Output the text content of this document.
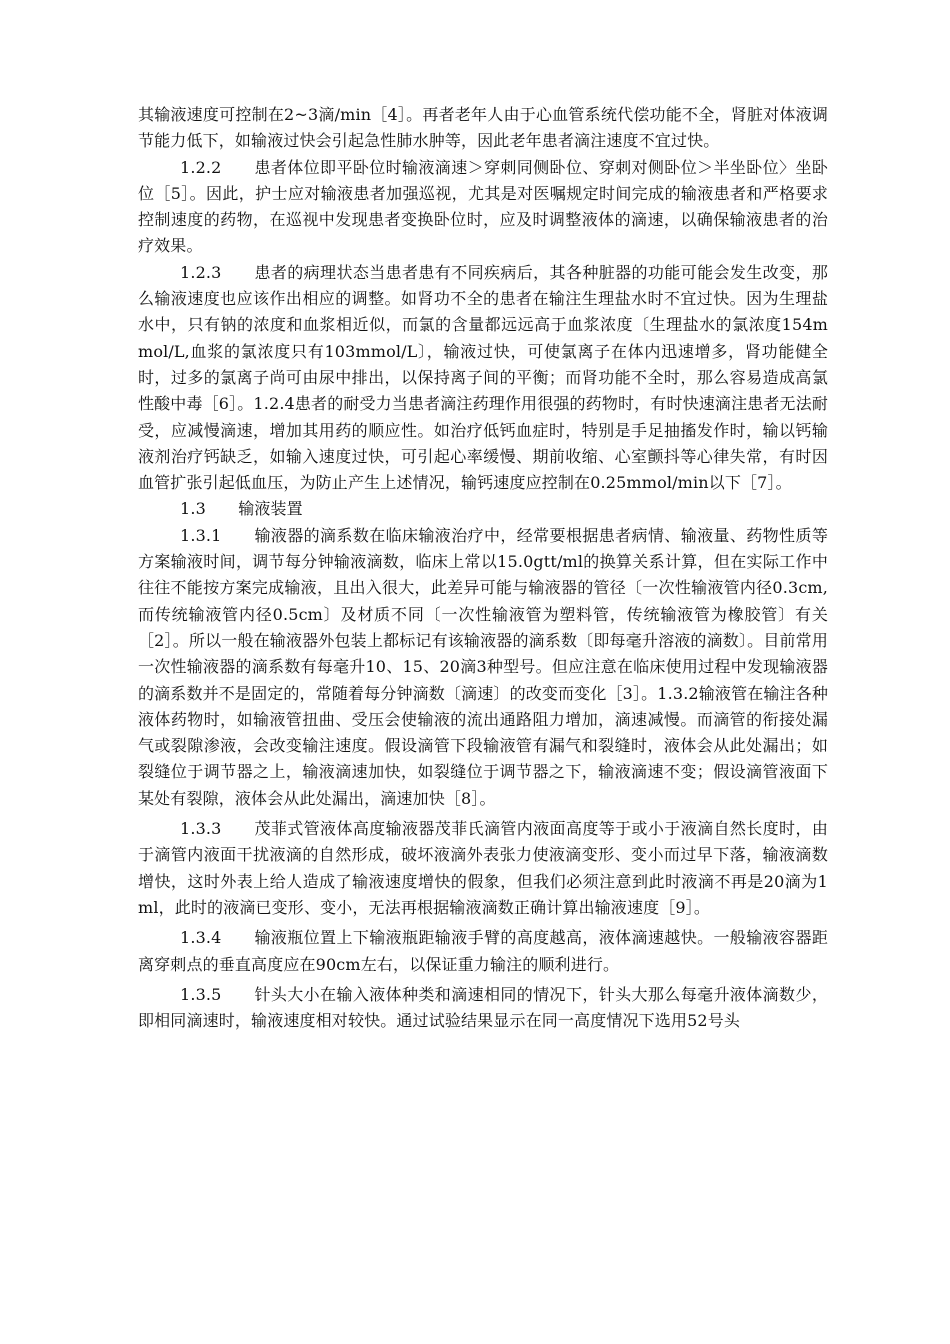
其输液速度可控制在2~3滴/min［4］。再者老年人由于心血管系统代偿功能不全，肾脏对体液调节能力低下，如输液过快会引起急性肺水肿等，因此老年患者滴注速度不宜过快。

1.2.2　　患者体位即平卧位时输液滴速＞穿刺同侧卧位、穿刺对侧卧位＞半坐卧位〉坐卧位［5］。因此，护士应对输液患者加强巡视，尤其是对医嘱规定时间完成的输液患者和严格要求控制速度的药物，在巡视中发现患者变换卧位时，应及时调整液体的滴速，以确保输液患者的治疗效果。

1.2.3　　患者的病理状态当患者患有不同疾病后，其各种脏器的功能可能会发生改变，那么输液速度也应该作出相应的调整。如肾功不全的患者在输注生理盐水时不宜过快。因为生理盐水中，只有钠的浓度和血浆相近似，而氯的含量都远远高于血浆浓度〔生理盐水的氯浓度154mmol/L,血浆的氯浓度只有103mmol/L〕，输液过快，可使氯离子在体内迅速增多，肾功能健全时，过多的氯离子尚可由尿中排出，以保持离子间的平衡；而肾功能不全时，那么容易造成高氯性酸中毒［6］。1.2.4患者的耐受力当患者滴注药理作用很强的药物时，有时快速滴注患者无法耐受，应减慢滴速，增加其用药的顺应性。如治疗低钙血症时，特别是手足抽搐发作时，输以钙输液剂治疗钙缺乏，如输入速度过快，可引起心率缓慢、期前收缩、心室颤抖等心律失常，有时因血管扩张引起低血压，为防止产生上述情况，输钙速度应控制在0.25mmol/min以下［7］。

1.3　　输液装置

1.3.1　　输液器的滴系数在临床输液治疗中，经常要根据患者病情、输液量、药物性质等方案输液时间，调节每分钟输液滴数，临床上常以15.0gtt/ml的换算关系计算，但在实际工作中往往不能按方案完成输液，且出入很大，此差异可能与输液器的管径〔一次性输液管内径0.3cm,而传统输液管内径0.5cm〕及材质不同〔一次性输液管为塑料管，传统输液管为橡胶管〕有关［2］。所以一般在输液器外包装上都标记有该输液器的滴系数〔即每毫升溶液的滴数〕。目前常用一次性输液器的滴系数有每毫升10、15、20滴3种型号。但应注意在临床使用过程中发现输液器的滴系数并不是固定的，常随着每分钟滴数〔滴速〕的改变而变化［3］。1.3.2输液管在输注各种液体药物时，如输液管扭曲、受压会使输液的流出通路阻力增加，滴速减慢。而滴管的衔接处漏气或裂隙渗液，会改变输注速度。假设滴管下段输液管有漏气和裂缝时，液体会从此处漏出；如裂缝位于调节器之上，输液滴速加快，如裂缝位于调节器之下，输液滴速不变；假设滴管液面下某处有裂隙，液体会从此处漏出，滴速加快［8］。

1.3.3　　茂菲式管液体高度输液器茂菲氏滴管内液面高度等于或小于液滴自然长度时，由于滴管内液面干扰液滴的自然形成，破坏液滴外表张力使液滴变形、变小而过早下落，输液滴数增快，这时外表上给人造成了输液速度增快的假象，但我们必须注意到此时液滴不再是20滴为1ml，此时的液滴已变形、变小，无法再根据输液滴数正确计算出输液速度［9］。

1.3.4　　输液瓶位置上下输液瓶距输液手臂的高度越高，液体滴速越快。一般输液容器距离穿刺点的垂直高度应在90cm左右，以保证重力输注的顺利进行。

1.3.5　　针头大小在输入液体种类和滴速相同的情况下，针头大那么每毫升液体滴数少，即相同滴速时，输液速度相对较快。通过试验结果显示在同一高度情况下选用52号头
